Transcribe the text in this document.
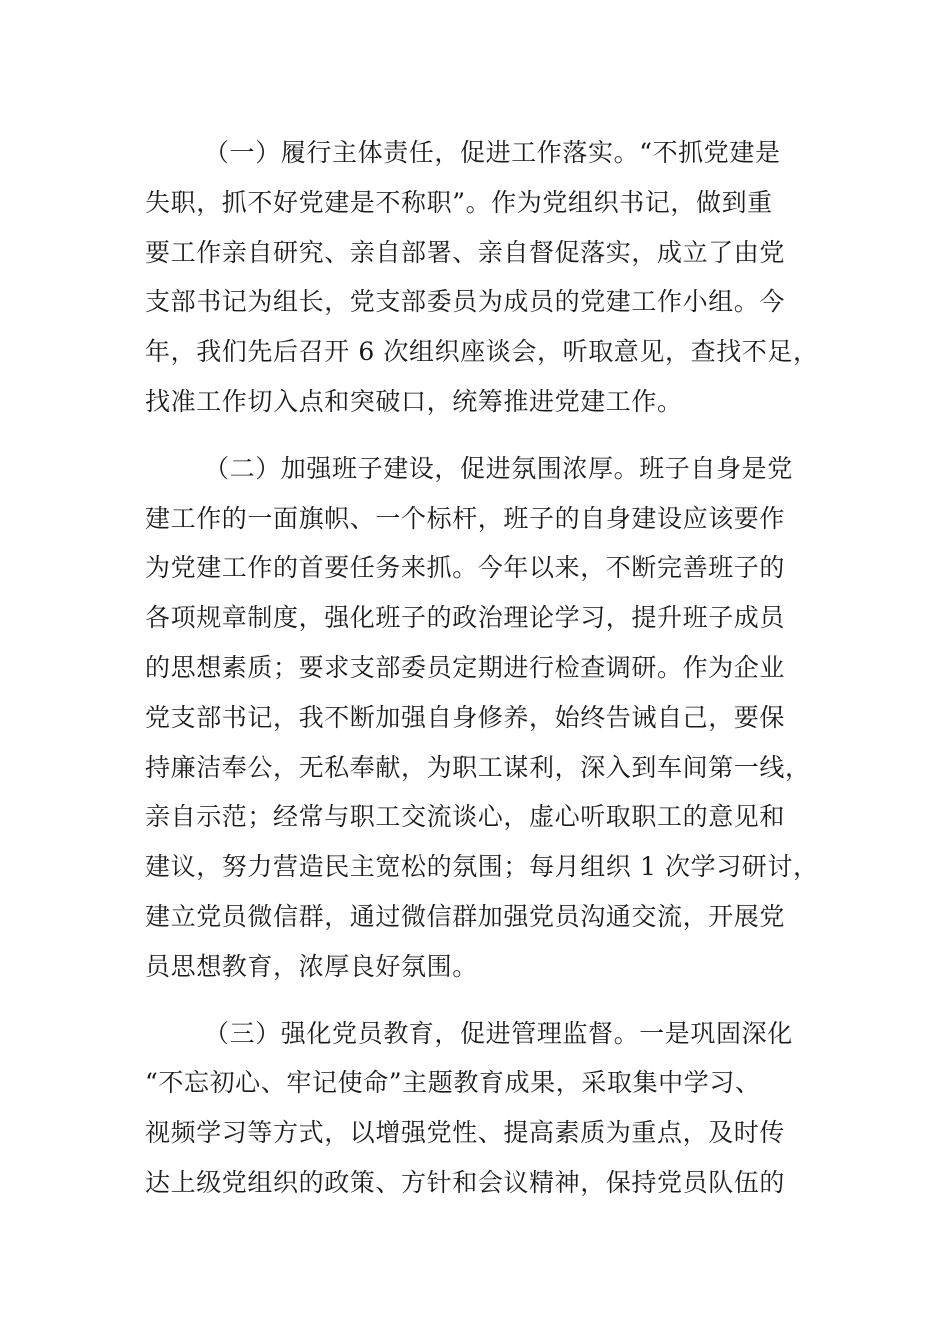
（一）履行主体责任，促进工作落实。“不抓党建是
失职，抓不好党建是不称职”。作为党组织书记，做到重
要工作亲自研究、亲自部署、亲自督促落实，成立了由党
支部书记为组长，党支部委员为成员的党建工作小组。今
年，我们先后召开 6 次组织座谈会，听取意见，查找不足，
找准工作切入点和突破口，统筹推进党建工作。
（二）加强班子建设，促进氛围浓厚。班子自身是党
建工作的一面旗帜、一个标杆，班子的自身建设应该要作
为党建工作的首要任务来抓。今年以来，不断完善班子的
各项规章制度，强化班子的政治理论学习，提升班子成员
的思想素质；要求支部委员定期进行检查调研。作为企业
党支部书记，我不断加强自身修养，始终告诫自己，要保
持廉洁奉公，无私奉献，为职工谋利，深入到车间第一线，
亲自示范；经常与职工交流谈心，虚心听取职工的意见和
建议，努力营造民主宽松的氛围；每月组织 1 次学习研讨，
建立党员微信群，通过微信群加强党员沟通交流，开展党
员思想教育，浓厚良好氛围。
（三）强化党员教育，促进管理监督。一是巩固深化
“不忘初心、牢记使命”主题教育成果，采取集中学习、
视频学习等方式，以增强党性、提高素质为重点，及时传
达上级党组织的政策、方针和会议精神，保持党员队伍的
